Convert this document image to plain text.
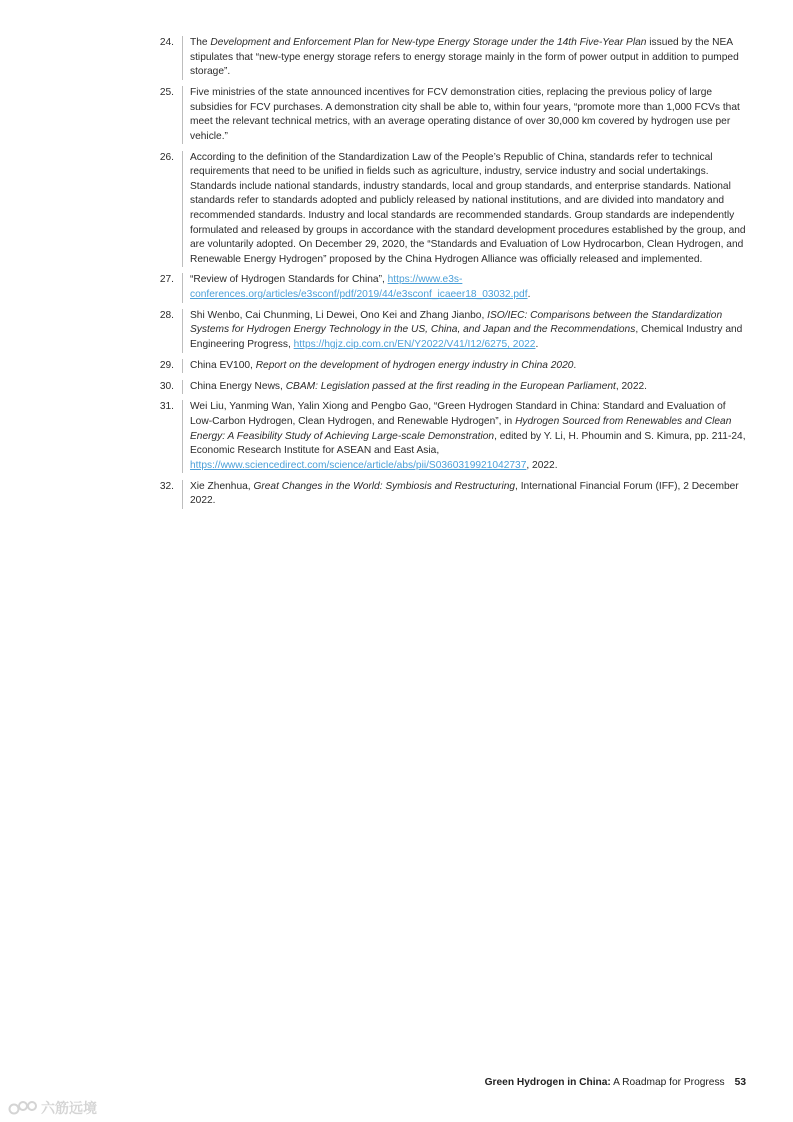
24.	The Development and Enforcement Plan for New-type Energy Storage under the 14th Five-Year Plan issued by the NEA stipulates that “new-type energy storage refers to energy storage mainly in the form of power output in addition to pumped storage”.
25.	Five ministries of the state announced incentives for FCV demonstration cities, replacing the previous policy of large subsidies for FCV purchases. A demonstration city shall be able to, within four years, “promote more than 1,000 FCVs that meet the relevant technical metrics, with an average operating distance of over 30,000 km covered by hydrogen use per vehicle.”
26.	According to the definition of the Standardization Law of the People’s Republic of China, standards refer to technical requirements that need to be unified in fields such as agriculture, industry, service industry and social undertakings. Standards include national standards, industry standards, local and group standards, and enterprise standards. National standards refer to standards adopted and publicly released by national institutions, and are divided into mandatory and recommended standards. Industry and local standards are recommended standards. Group standards are independently formulated and released by groups in accordance with the standard development procedures established by the group, and are voluntarily adopted. On December 29, 2020, the “Standards and Evaluation of Low Hydrocarbon, Clean Hydrogen, and Renewable Energy Hydrogen” proposed by the China Hydrogen Alliance was officially released and implemented.
27.	“Review of Hydrogen Standards for China”, https://www.e3s-conferences.org/articles/e3sconf/pdf/2019/44/e3sconf_icaeer18_03032.pdf.
28.	Shi Wenbo, Cai Chunming, Li Dewei, Ono Kei and Zhang Jianbo, ISO/IEC: Comparisons between the Standardization Systems for Hydrogen Energy Technology in the US, China, and Japan and the Recommendations, Chemical Industry and Engineering Progress, https://hgjz.cip.com.cn/EN/Y2022/V41/I12/6275, 2022.
29.	China EV100, Report on the development of hydrogen energy industry in China 2020.
30.	China Energy News, CBAM: Legislation passed at the first reading in the European Parliament, 2022.
31.	Wei Liu, Yanming Wan, Yalin Xiong and Pengbo Gao, “Green Hydrogen Standard in China: Standard and Evaluation of Low-Carbon Hydrogen, Clean Hydrogen, and Renewable Hydrogen”, in Hydrogen Sourced from Renewables and Clean Energy: A Feasibility Study of Achieving Large-scale Demonstration, edited by Y. Li, H. Phoumin and S. Kimura, pp. 211-24, Economic Research Institute for ASEAN and East Asia, https://www.sciencedirect.com/science/article/abs/pii/S0360319921042737, 2022.
32.	Xie Zhenhua, Great Changes in the World: Symbiosis and Restructuring, International Financial Forum (IFF), 2 December 2022.
Green Hydrogen in China: A Roadmap for Progress 53
六筋远境
